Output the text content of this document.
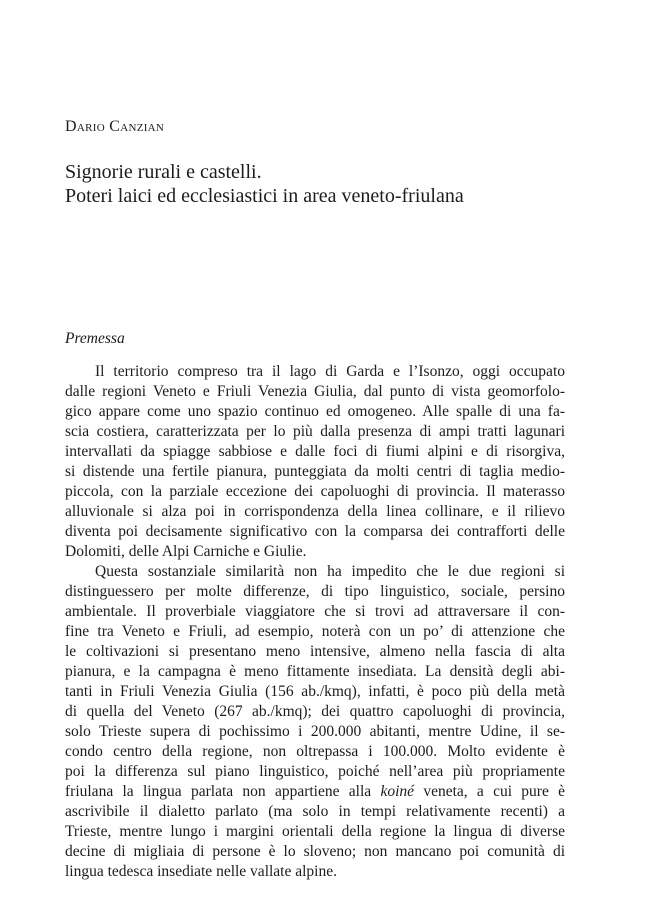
Dario Canzian
Signorie rurali e castelli.
Poteri laici ed ecclesiastici in area veneto-friulana
Premessa
Il territorio compreso tra il lago di Garda e l’Isonzo, oggi occupato
dalle regioni Veneto e Friuli Venezia Giulia, dal punto di vista geomorfolo-
gico appare come uno spazio continuo ed omogeneo. Alle spalle di una fa-
scia costiera, caratterizzata per lo più dalla presenza di ampi tratti lagunari
intervallati da spiagge sabbiose e dalle foci di fiumi alpini e di risorgiva,
si distende una fertile pianura, punteggiata da molti centri di taglia medio-
piccola, con la parziale eccezione dei capoluoghi di provincia. Il materasso
alluvionale si alza poi in corrispondenza della linea collinare, e il rilievo
diventa poi decisamente significativo con la comparsa dei contrafforti delle
Dolomiti, delle Alpi Carniche e Giulie.
Questa sostanziale similarità non ha impedito che le due regioni si
distinguessero per molte differenze, di tipo linguistico, sociale, persino
ambientale. Il proverbiale viaggiatore che si trovi ad attraversare il con-
fine tra Veneto e Friuli, ad esempio, noterà con un po’ di attenzione che
le coltivazioni si presentano meno intensive, almeno nella fascia di alta
pianura, e la campagna è meno fittamente insediata. La densità degli abi-
tanti in Friuli Venezia Giulia (156 ab./kmq), infatti, è poco più della metà
di quella del Veneto (267 ab./kmq); dei quattro capoluoghi di provincia,
solo Trieste supera di pochissimo i 200.000 abitanti, mentre Udine, il se-
condo centro della regione, non oltrepassa i 100.000. Molto evidente è
poi la differenza sul piano linguistico, poiché nell’area più propriamente
friulana la lingua parlata non appartiene alla koiné veneta, a cui pure è
ascrivibile il dialetto parlato (ma solo in tempi relativamente recenti) a
Trieste, mentre lungo i margini orientali della regione la lingua di diverse
decine di migliaia di persone è lo sloveno; non mancano poi comunità di
lingua tedesca insediate nelle vallate alpine.
